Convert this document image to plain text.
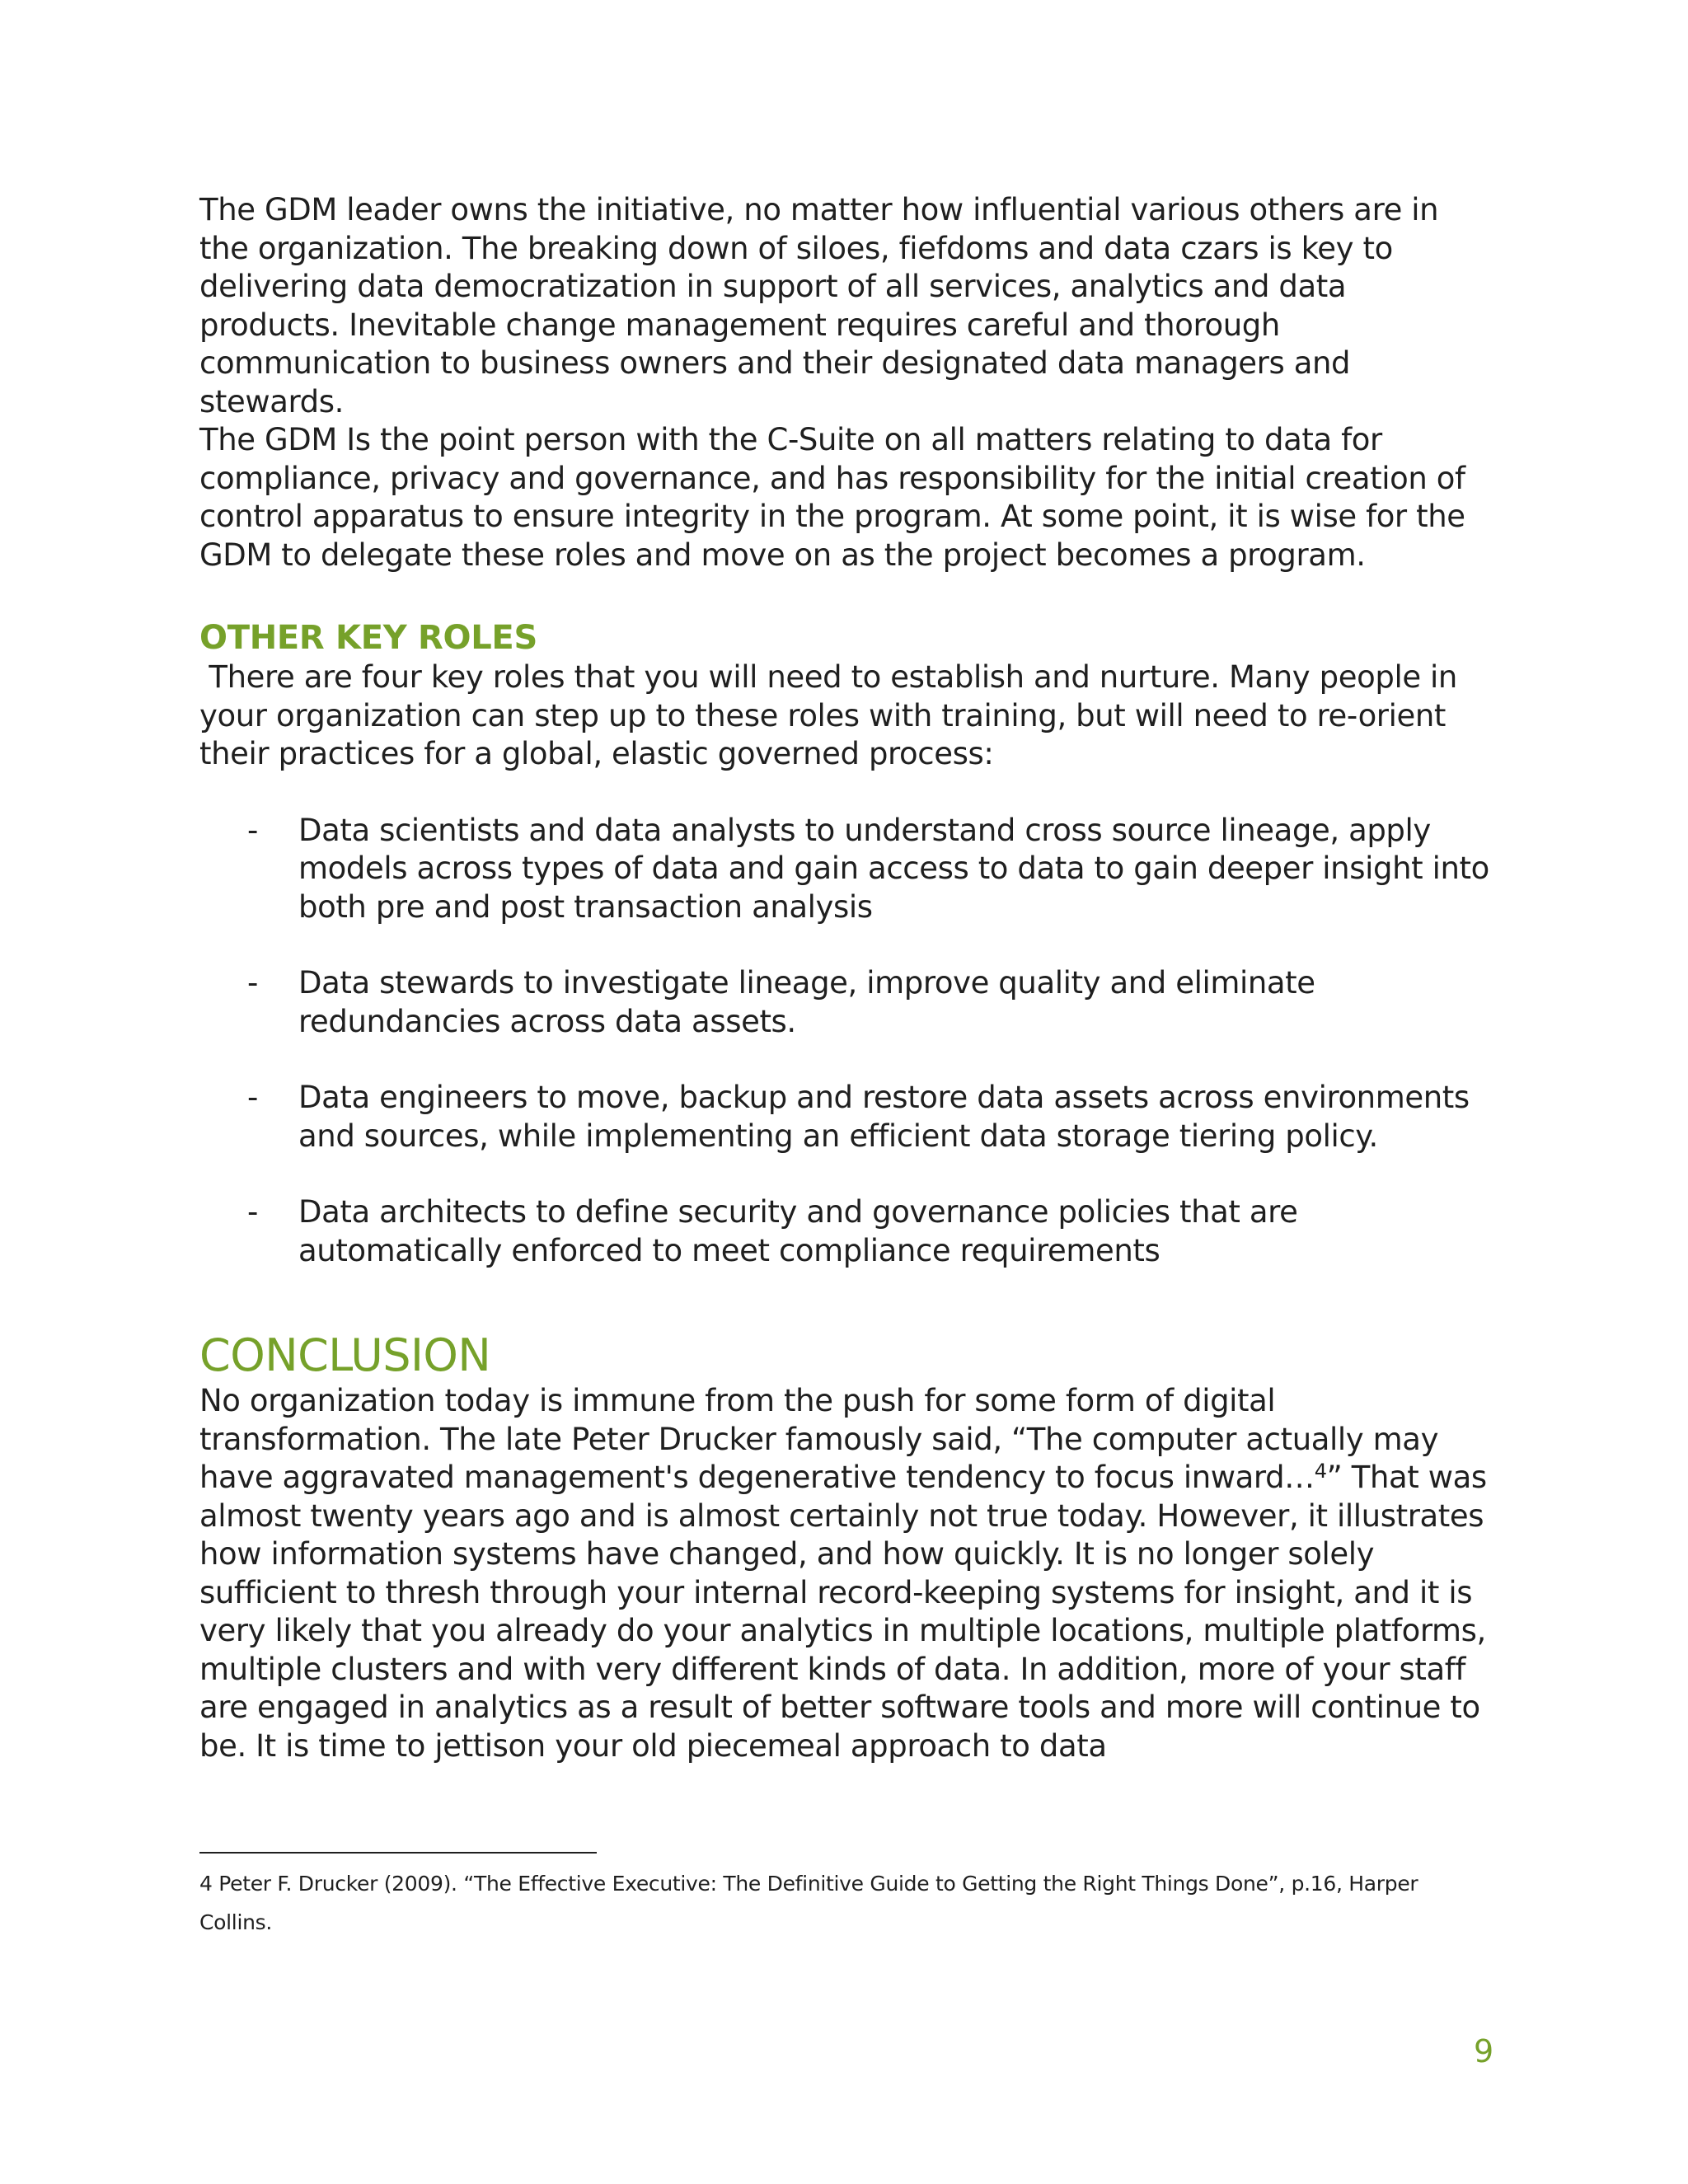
The GDM leader owns the initiative, no matter how influential various others are in the organization. The breaking down of siloes, fiefdoms and data czars is key to delivering data democratization in support of all services, analytics and data products. Inevitable change management requires careful and thorough communication to business owners and their designated data managers and stewards.

The GDM Is the point person with the C-Suite on all matters relating to data for compliance, privacy and governance, and has responsibility for the initial creation of control apparatus to ensure integrity in the program. At some point, it is wise for the GDM to delegate these roles and move on as the project becomes a program.

OTHER KEY ROLES

There are four key roles that you will need to establish and nurture. Many people in your organization can step up to these roles with training, but will need to re-orient their practices for a global, elastic governed process:

- Data scientists and data analysts to understand cross source lineage, apply models across types of data and gain access to data to gain deeper insight into both pre and post transaction analysis

- Data stewards to investigate lineage, improve quality and eliminate redundancies across data assets.

- Data engineers to move, backup and restore data assets across environments and sources, while implementing an efficient data storage tiering policy.

- Data architects to define security and governance policies that are automatically enforced to meet compliance requirements

CONCLUSION

No organization today is immune from the push for some form of digital transformation. The late Peter Drucker famously said, “The computer actually may have aggravated management's degenerative tendency to focus inward…$^4$” That was almost twenty years ago and is almost certainly not true today. However, it illustrates how information systems have changed, and how quickly. It is no longer solely sufficient to thresh through your internal record-keeping systems for insight, and it is very likely that you already do your analytics in multiple locations, multiple platforms, multiple clusters and with very different kinds of data. In addition, more of your staff are engaged in analytics as a result of better software tools and more will continue to be. It is time to jettison your old piecemeal approach to data

4 Peter F. Drucker (2009). “The Effective Executive: The Definitive Guide to Getting the Right Things Done”, p.16, Harper Collins.

9
